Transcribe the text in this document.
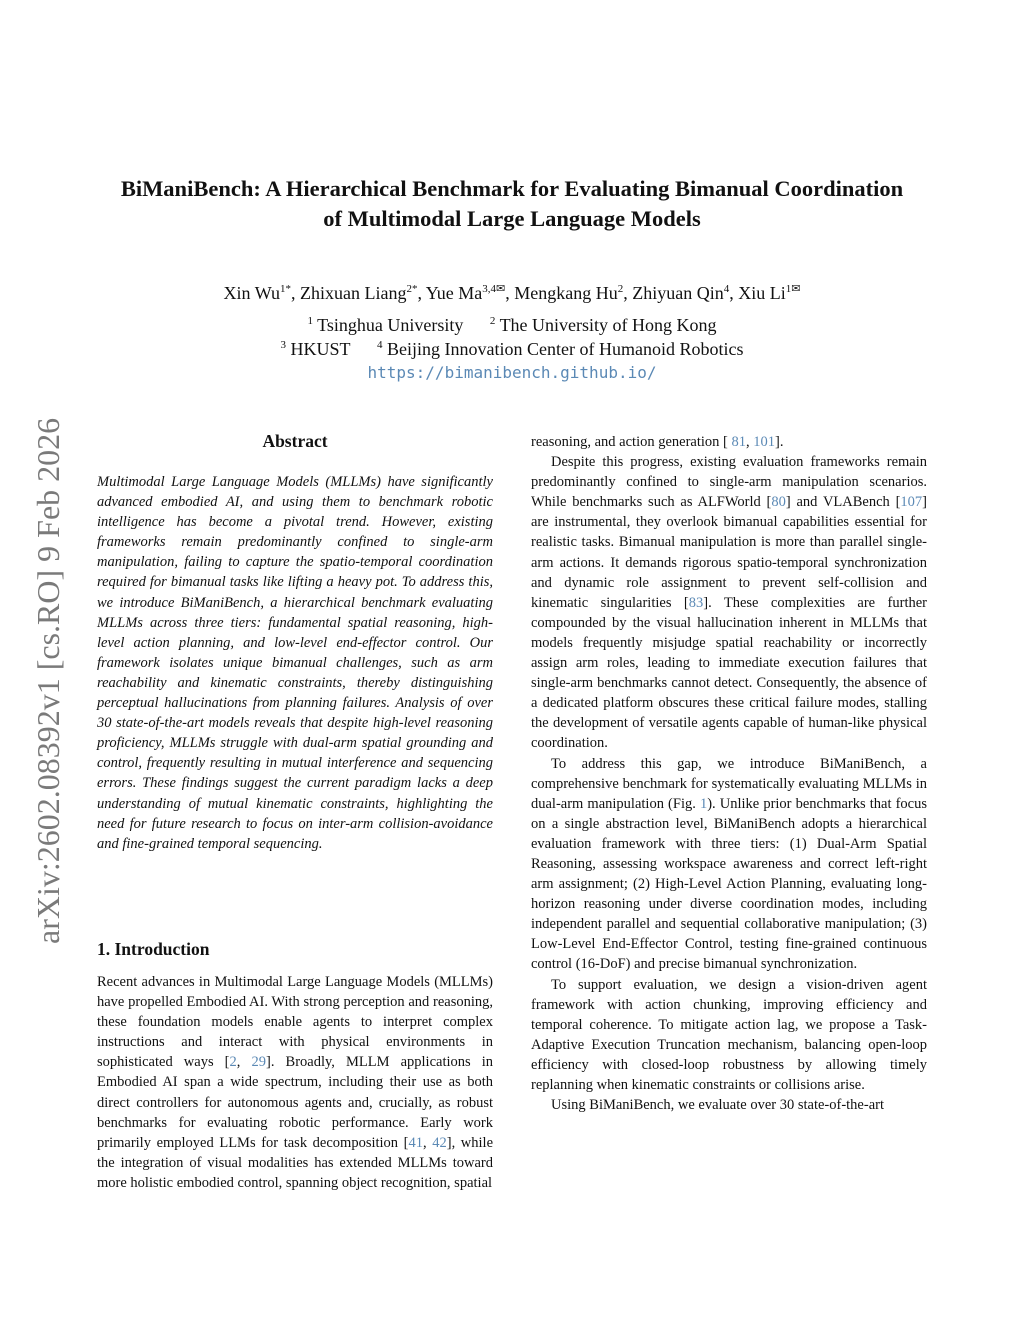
arXiv:2602.08392v1 [cs.RO] 9 Feb 2026
BiManiBench: A Hierarchical Benchmark for Evaluating Bimanual Coordination
of Multimodal Large Language Models
Xin $Wu^{1*}$, Zhixuan Liang$^{2*}$, Yue $Ma^{3,4✉}$, Mengkang Hu$^2$, Zhiyuan Qin$^4$, Xiu $Li^{1✉}$
$^1$ Tsinghua University $^2$ The University of Hong Kong
$^3$ HKUST $^4$ Beijing Innovation Center of Humanoid Robotics
https://bimanibench.github.io/
Abstract

Multimodal Large Language Models (MLLMs) have significantly advanced embodied AI, and using them to benchmark robotic intelligence has become a pivotal trend. However, existing frameworks remain predominantly confined to single-arm manipulation, failing to capture the spatio-temporal coordination required for bimanual tasks like lifting a heavy pot. To address this, we introduce BiManiBench, a hierarchical benchmark evaluating MLLMs across three tiers: fundamental spatial reasoning, high-level action planning, and low-level end-effector control. Our framework isolates unique bimanual challenges, such as arm reachability and kinematic constraints, thereby distinguishing perceptual hallucinations from planning failures. Analysis of over 30 state-of-the-art models reveals that despite high-level reasoning proficiency, MLLMs struggle with dual-arm spatial grounding and control, frequently resulting in mutual interference and sequencing errors. These findings suggest the current paradigm lacks a deep understanding of mutual kinematic constraints, highlighting the need for future research to focus on inter-arm collision-avoidance and fine-grained temporal sequencing.

1. Introduction

Recent advances in Multimodal Large Language Models (MLLMs) have propelled Embodied AI. With strong perception and reasoning, these foundation models enable agents to interpret complex instructions and interact with physical environments in sophisticated ways [2, 29]. Broadly, MLLM applications in Embodied AI span a wide spectrum, including their use as both direct controllers for autonomous agents and, crucially, as robust benchmarks for evaluating robotic performance. Early work primarily employed LLMs for task decomposition [41, 42], while the integration of visual modalities has extended MLLMs toward more holistic embodied control, spanning object recognition, spatial

reasoning, and action generation [ 81, 101].

Despite this progress, existing evaluation frameworks remain predominantly confined to single-arm manipulation scenarios. While benchmarks such as ALFWorld [80] and VLABench [107] are instrumental, they overlook bimanual capabilities essential for realistic tasks. Bimanual manipulation is more than parallel single-arm actions. It demands rigorous spatio-temporal synchronization and dynamic role assignment to prevent self-collision and kinematic singularities [83]. These complexities are further compounded by the visual hallucination inherent in MLLMs that models frequently misjudge spatial reachability or incorrectly assign arm roles, leading to immediate execution failures that single-arm benchmarks cannot detect. Consequently, the absence of a dedicated platform obscures these critical failure modes, stalling the development of versatile agents capable of human-like physical coordination.

To address this gap, we introduce BiManiBench, a comprehensive benchmark for systematically evaluating MLLMs in dual-arm manipulation (Fig. 1). Unlike prior benchmarks that focus on a single abstraction level, BiManiBench adopts a hierarchical evaluation framework with three tiers: (1) Dual-Arm Spatial Reasoning, assessing workspace awareness and correct left-right arm assignment; (2) High-Level Action Planning, evaluating long-horizon reasoning under diverse coordination modes, including independent parallel and sequential collaborative manipulation; (3) Low-Level End-Effector Control, testing fine-grained continuous control (16-DoF) and precise bimanual synchronization.

To support evaluation, we design a vision-driven agent framework with action chunking, improving efficiency and temporal coherence. To mitigate action lag, we propose a Task-Adaptive Execution Truncation mechanism, balancing open-loop efficiency with closed-loop robustness by allowing timely replanning when kinematic constraints or collisions arise.

Using BiManiBench, we evaluate over 30 state-of-the-art
